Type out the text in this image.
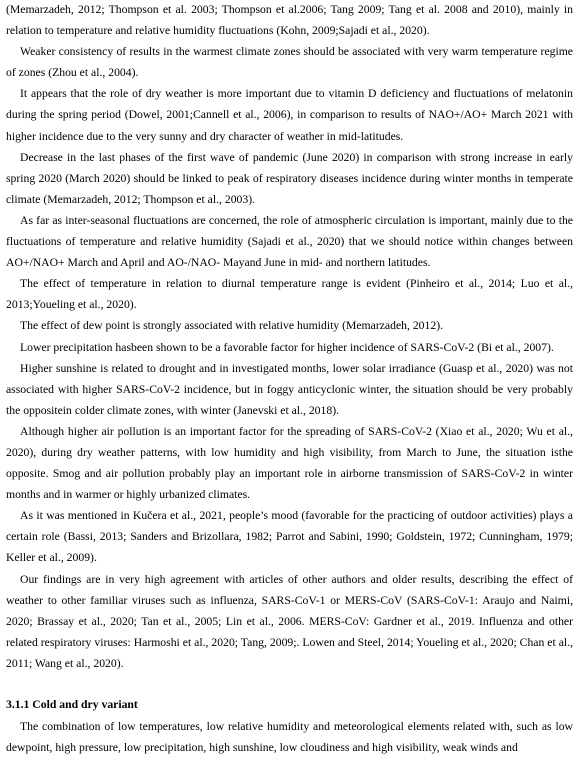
(Memarzadeh, 2012; Thompson et al. 2003; Thompson et al.2006; Tang 2009; Tang et al. 2008 and 2010), mainly in relation to temperature and relative humidity fluctuations (Kohn, 2009;Sajadi et al., 2020).

Weaker consistency of results in the warmest climate zones should be associated with very warm temperature regime of zones (Zhou et al., 2004).

It appears that the role of dry weather is more important due to vitamin D deficiency and fluctuations of melatonin during the spring period (Dowel, 2001;Cannell et al., 2006), in comparison to results of NAO+/AO+ March 2021 with higher incidence due to the very sunny and dry character of weather in mid-latitudes.

Decrease in the last phases of the first wave of pandemic (June 2020) in comparison with strong increase in early spring 2020 (March 2020) should be linked to peak of respiratory diseases incidence during winter months in temperate climate (Memarzadeh, 2012; Thompson et al., 2003).

As far as inter-seasonal fluctuations are concerned, the role of atmospheric circulation is important, mainly due to the fluctuations of temperature and relative humidity (Sajadi et al., 2020) that we should notice within changes between AO+/NAO+ March and April and AO-/NAO- Mayand June in mid- and northern latitudes.

The effect of temperature in relation to diurnal temperature range is evident (Pinheiro et al., 2014; Luo et al., 2013;Youeling et al., 2020).

The effect of dew point is strongly associated with relative humidity (Memarzadeh, 2012).

Lower precipitation hasbeen shown to be a favorable factor for higher incidence of SARS-CoV-2 (Bi et al., 2007).

Higher sunshine is related to drought and in investigated months, lower solar irradiance (Guasp et al., 2020) was not associated with higher SARS-CoV-2 incidence, but in foggy anticyclonic winter, the situation should be very probably the oppositein colder climate zones, with winter (Janevski et al., 2018).

Although higher air pollution is an important factor for the spreading of SARS-CoV-2 (Xiao et al., 2020; Wu et al., 2020), during dry weather patterns, with low humidity and high visibility, from March to June, the situation isthe opposite. Smog and air pollution probably play an important role in airborne transmission of SARS-CoV-2 in winter months and in warmer or highly urbanized climates.

As it was mentioned in Kučera et al., 2021, people’s mood (favorable for the practicing of outdoor activities) plays a certain role (Bassi, 2013; Sanders and Brizollara, 1982; Parrot and Sabini, 1990; Goldstein, 1972; Cunningham, 1979; Keller et al., 2009).

Our findings are in very high agreement with articles of other authors and older results, describing the effect of weather to other familiar viruses such as influenza, SARS-CoV-1 or MERS-CoV (SARS-CoV-1: Araujo and Naimi, 2020; Brassay et al., 2020; Tan et al., 2005; Lin et al., 2006. MERS-CoV: Gardner et al., 2019. Influenza and other related respiratory viruses: Harmoshi et al., 2020; Tang, 2009;. Lowen and Steel, 2014; Youeling et al., 2020; Chan et al., 2011; Wang et al., 2020).

3.1.1 Cold and dry variant

The combination of low temperatures, low relative humidity and meteorological elements related with, such as low dewpoint, high pressure, low precipitation, high sunshine, low cloudiness and high visibility, weak winds and
